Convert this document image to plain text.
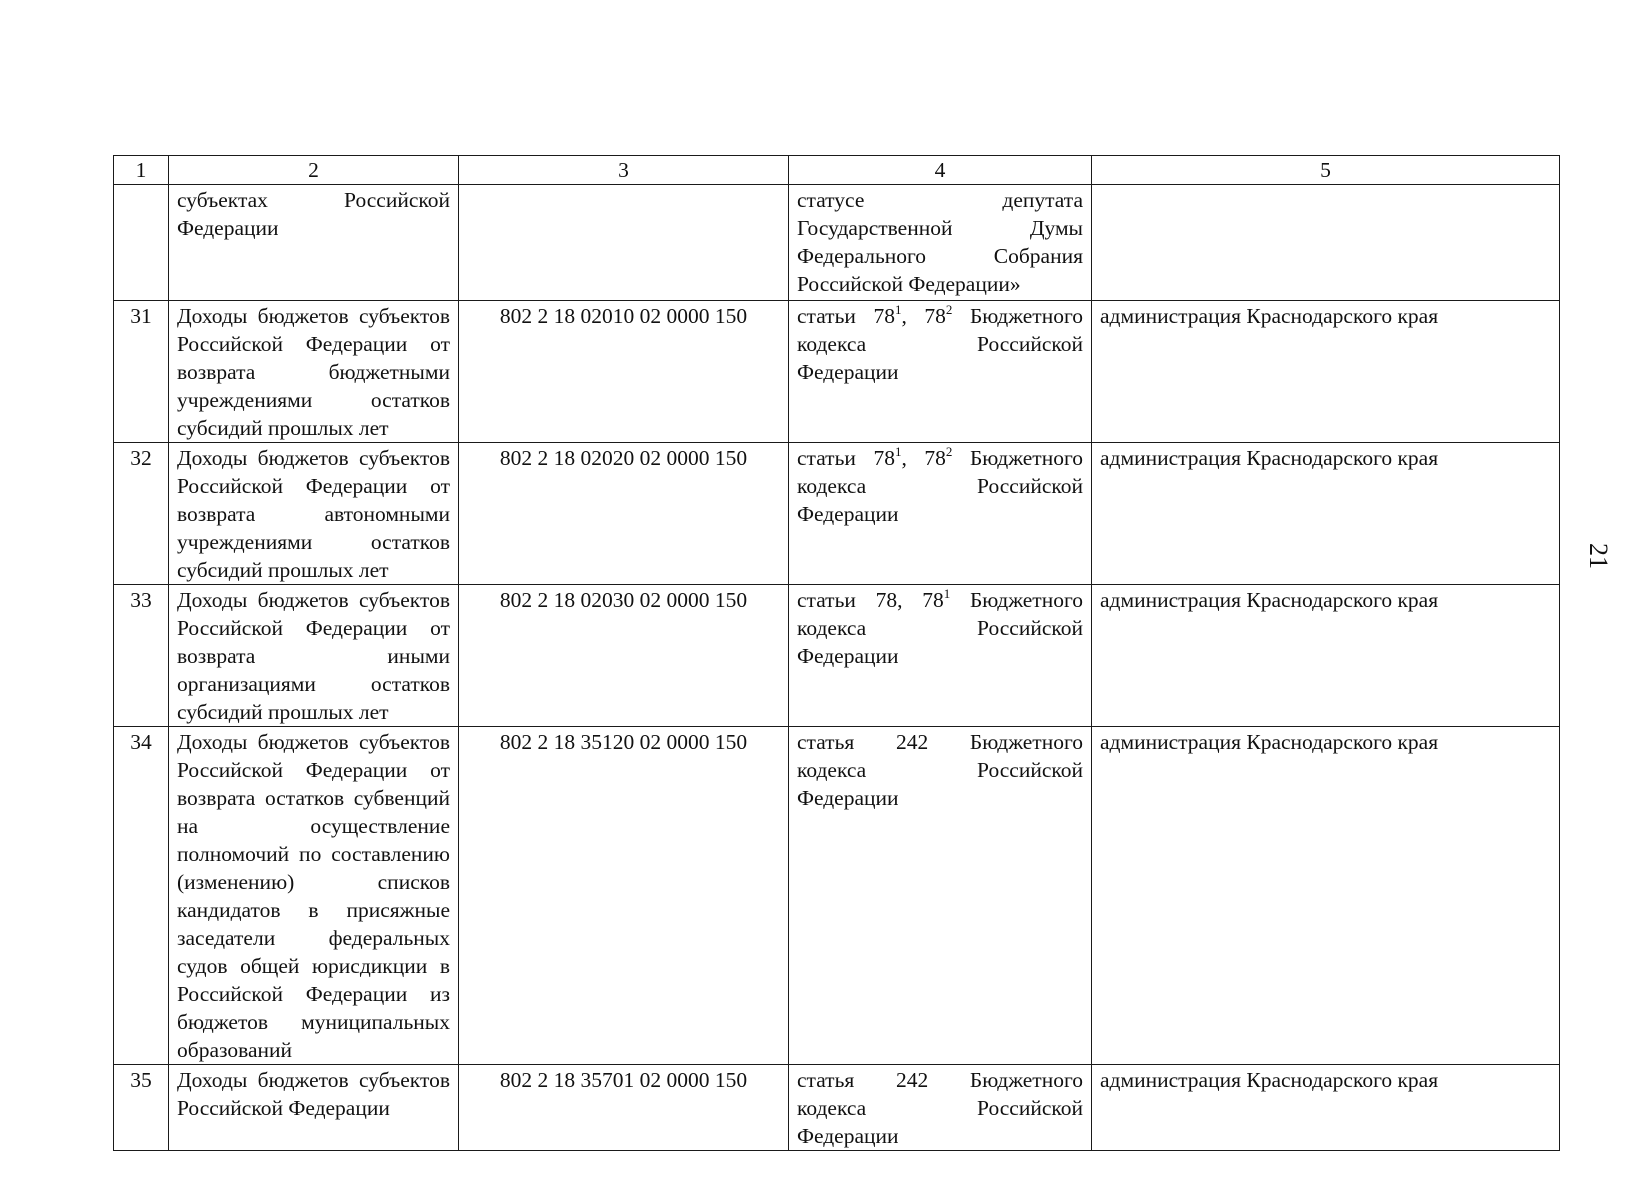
21
1	2	3	4	5
	субъектах Российской Федерации		статусе депутата Государственной Думы Федерального Собрания Российской Федерации»	
31	Доходы бюджетов субъектов Российской Федерации от возврата бюджетными учреждениями остатков субсидий прошлых лет	802 2 18 02010 02 0000 150	статьи $78^1$, $78^2$ Бюджетного кодекса Российской Федерации	администрация Краснодарского края
32	Доходы бюджетов субъектов Российской Федерации от возврата автономными учреждениями остатков субсидий прошлых лет	802 2 18 02020 02 0000 150	статьи $78^1$, $78^2$ Бюджетного кодекса Российской Федерации	администрация Краснодарского края
33	Доходы бюджетов субъектов Российской Федерации от возврата иными организациями остатков субсидий прошлых лет	802 2 18 02030 02 0000 150	статьи 78, $78^1$ Бюджетного кодекса Российской Федерации	администрация Краснодарского края
34	Доходы бюджетов субъектов Российской Федерации от возврата остатков субвенций на осуществление полномочий по составлению (изменению) списков кандидатов в присяжные заседатели федеральных судов общей юрисдикции в Российской Федерации из бюджетов муниципальных образований	802 2 18 35120 02 0000 150	статья 242 Бюджетного кодекса Российской Федерации	администрация Краснодарского края
35	Доходы бюджетов субъектов Российской Федерации	802 2 18 35701 02 0000 150	статья 242 Бюджетного кодекса Российской Федерации	администрация Краснодарского края
